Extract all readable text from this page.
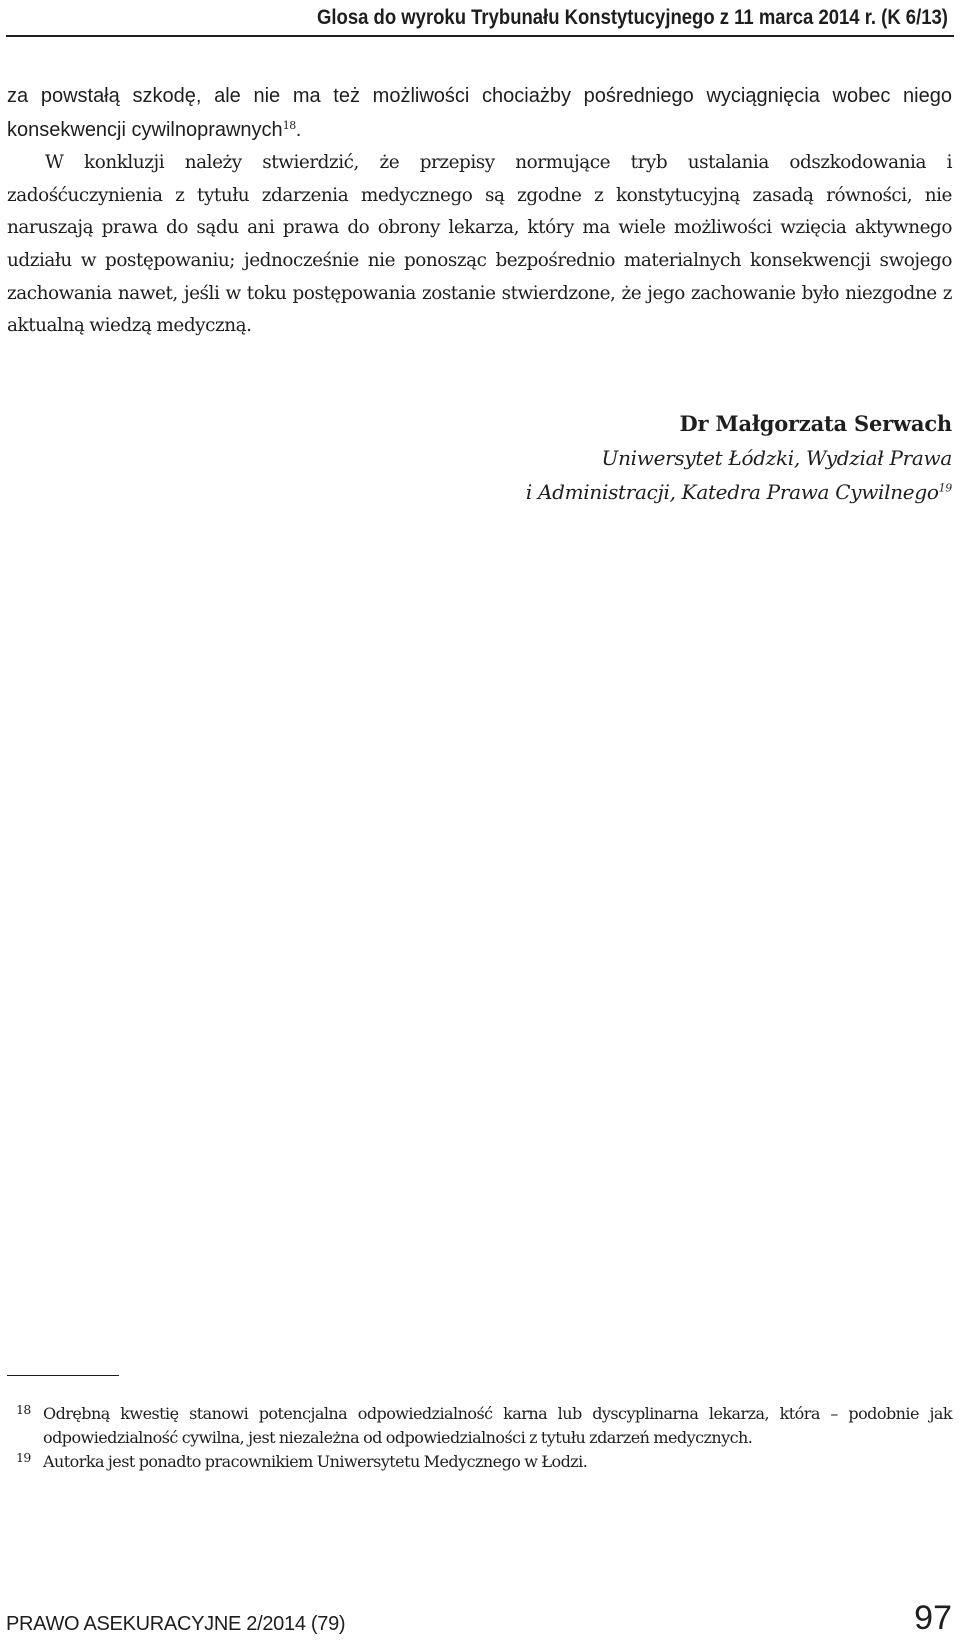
Glosa do wyroku Trybunału Konstytucyjnego z 11 marca 2014 r. (K 6/13)

za powstałą szkodę, ale nie ma też możliwości chociażby pośredniego wyciągnięcia wobec niego konsekwencji cywilnoprawnych$^{18}$.

W konkluzji należy stwierdzić, że przepisy normujące tryb ustalania odszkodowania i zadośćuczynienia z tytułu zdarzenia medycznego są zgodne z konstytucyjną zasadą równości, nie naruszają prawa do sądu ani prawa do obrony lekarza, który ma wiele możliwości wzięcia aktywnego udziału w postępowaniu; jednocześnie nie ponosząc bezpośrednio materialnych konsekwencji swojego zachowania nawet, jeśli w toku postępowania zostanie stwierdzone, że jego zachowanie było niezgodne z aktualną wiedzą medyczną.

Dr Małgorzata Serwach
Uniwersytet Łódzki, Wydział Prawa
i Administracji, Katedra Prawa Cywilnego$^{19}$

18 Odrębną kwestię stanowi potencjalna odpowiedzialność karna lub dyscyplinarna lekarza, która – podobnie jak odpowiedzialność cywilna, jest niezależna od odpowiedzialności z tytułu zdarzeń medycznych.

19 Autorka jest ponadto pracownikiem Uniwersytetu Medycznego w Łodzi.

PRAWO ASEKURACYJNE 2/2014 (79)	97
